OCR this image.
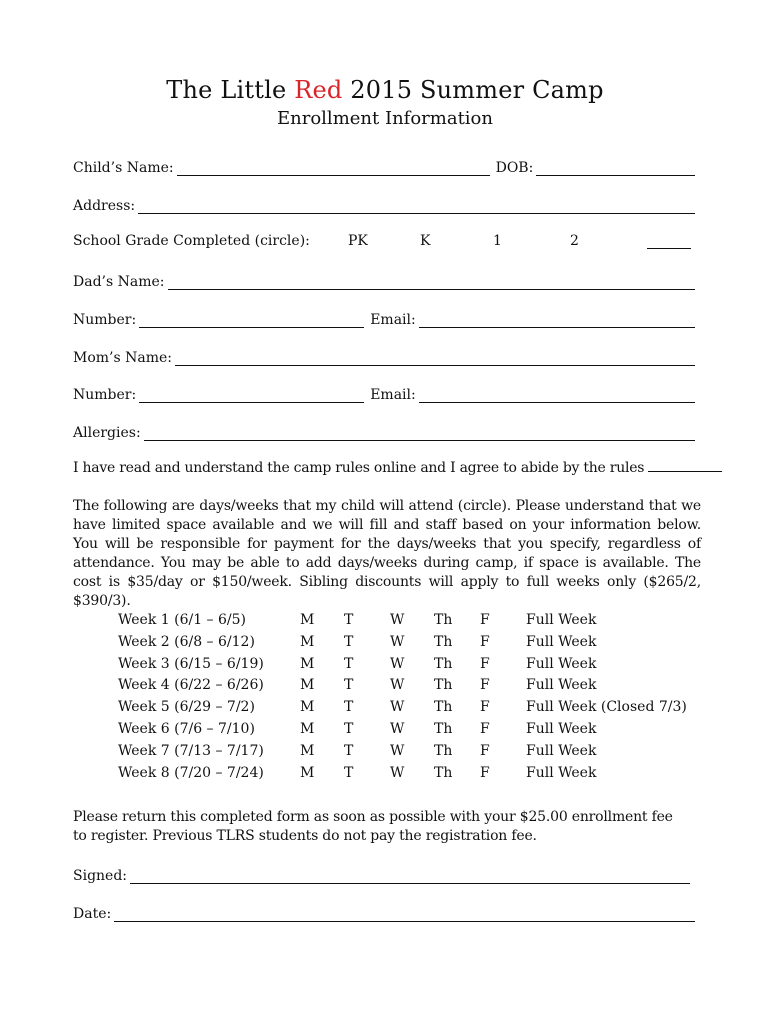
The Little Red 2015 Summer Camp
Enrollment Information
Child’s Name:	DOB:
Address:
School Grade Completed (circle):	PK	K	1	2
Dad’s Name:
Number:	Email:
Mom’s Name:
Number:	Email:
Allergies:
I have read and understand the camp rules online and I agree to abide by the rules
The following are days/weeks that my child will attend (circle). Please understand that we have limited space available and we will fill and staff based on your information below. You will be responsible for payment for the days/weeks that you specify, regardless of attendance. You may be able to add days/weeks during camp, if space is available. The cost is $35/day or $150/week. Sibling discounts will apply to full weeks only ($265/2, $390/3).
Week 1 (6/1 – 6/5)	M T	W Th F	Full Week
Week 2 (6/8 – 6/12)	M T	W Th F	Full Week
Week 3 (6/15 – 6/19)	M T	W Th F	Full Week
Week 4 (6/22 – 6/26)	M T	W Th F	Full Week
Week 5 (6/29 – 7/2)	M T	W Th F	Full Week (Closed 7/3)
Week 6 (7/6 – 7/10)	M T	W Th F	Full Week
Week 7 (7/13 – 7/17)	M T	W Th F	Full Week
Week 8 (7/20 – 7/24)	M T	W Th F	Full Week
Please return this completed form as soon as possible with your $25.00 enrollment fee to register. Previous TLRS students do not pay the registration fee.
Signed:
Date:
